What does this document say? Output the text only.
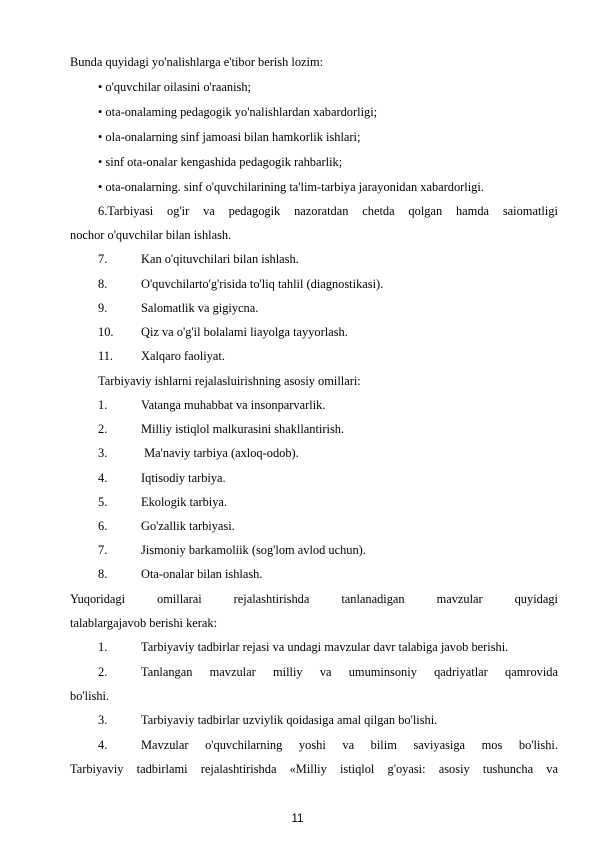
Bunda quyidagi yo'nalishlarga e'tibor berish lozim:
• o'quvchilar oilasini o'raanish;
• ota-onalaming pedagogik yo'nalishlardan xabardorligi;
• ola-onalarning sinf jamoasi bilan hamkorlik ishlari;
• sinf ota-onalar kengashida pedagogik rahbarlik;
• ota-onalarning. sinf o'quvchilarining ta'lim-tarbiya jarayonidan xabardorligi.
6.Tarbiyasi og'ir va pedagogik nazoratdan chetda qolgan hamda saiomatligi
nochor o'quvchilar bilan ishlash.
7.	Kan o'qituvchilari bilan ishlash.
8.	O'quvchilarto'g'risida to'liq tahlil (diagnostikasi).
9.	Salomatlik va gigiycna.
10. Qiz va o'g'il bolalami liayolga tayyorlash.
11. Xalqaro faoliyat.
Tarbiyaviy ishlarni rejalasluirishning asosiy omillari:
1.	Vatanga muhabbat va insonparvarlik.
2.	Milliy istiqlol malkurasini shakllantirish.
3.	Ma'naviy tarbiya (axloq-odob).
4.	Iqtisodiy tarbiya.
5.	Ekologik tarbiya.
6.	Go'zallik tarbiyasi.
7.	Jismoniy barkamoliik (sog'lom avlod uchun).
8.	Ota-onalar bilan ishlash.
Yuqoridagi	omillarai	rejalashtirishda	tanlanadigan	mavzular	quyidagi
talablargajavob berishi kerak:
1.	Tarbiyaviy tadbirlar rejasi va undagi mavzular davr talabiga javob berishi.
2.	Tanlangan mavzular milliy va umuminsoniy qadriyatlar qamrovida
bo'lishi.
3.	Tarbiyaviy tadbirlar uzviylik qoidasiga amal qilgan bo'lishi.
4.	Mavzular o'quvchilarning yoshi va bilim saviyasiga mos bo'lishi.
Tarbiyaviy tadbirlami rejalashtirishda «Milliy istiqlol g'oyasi: asosiy tushuncha va
11
